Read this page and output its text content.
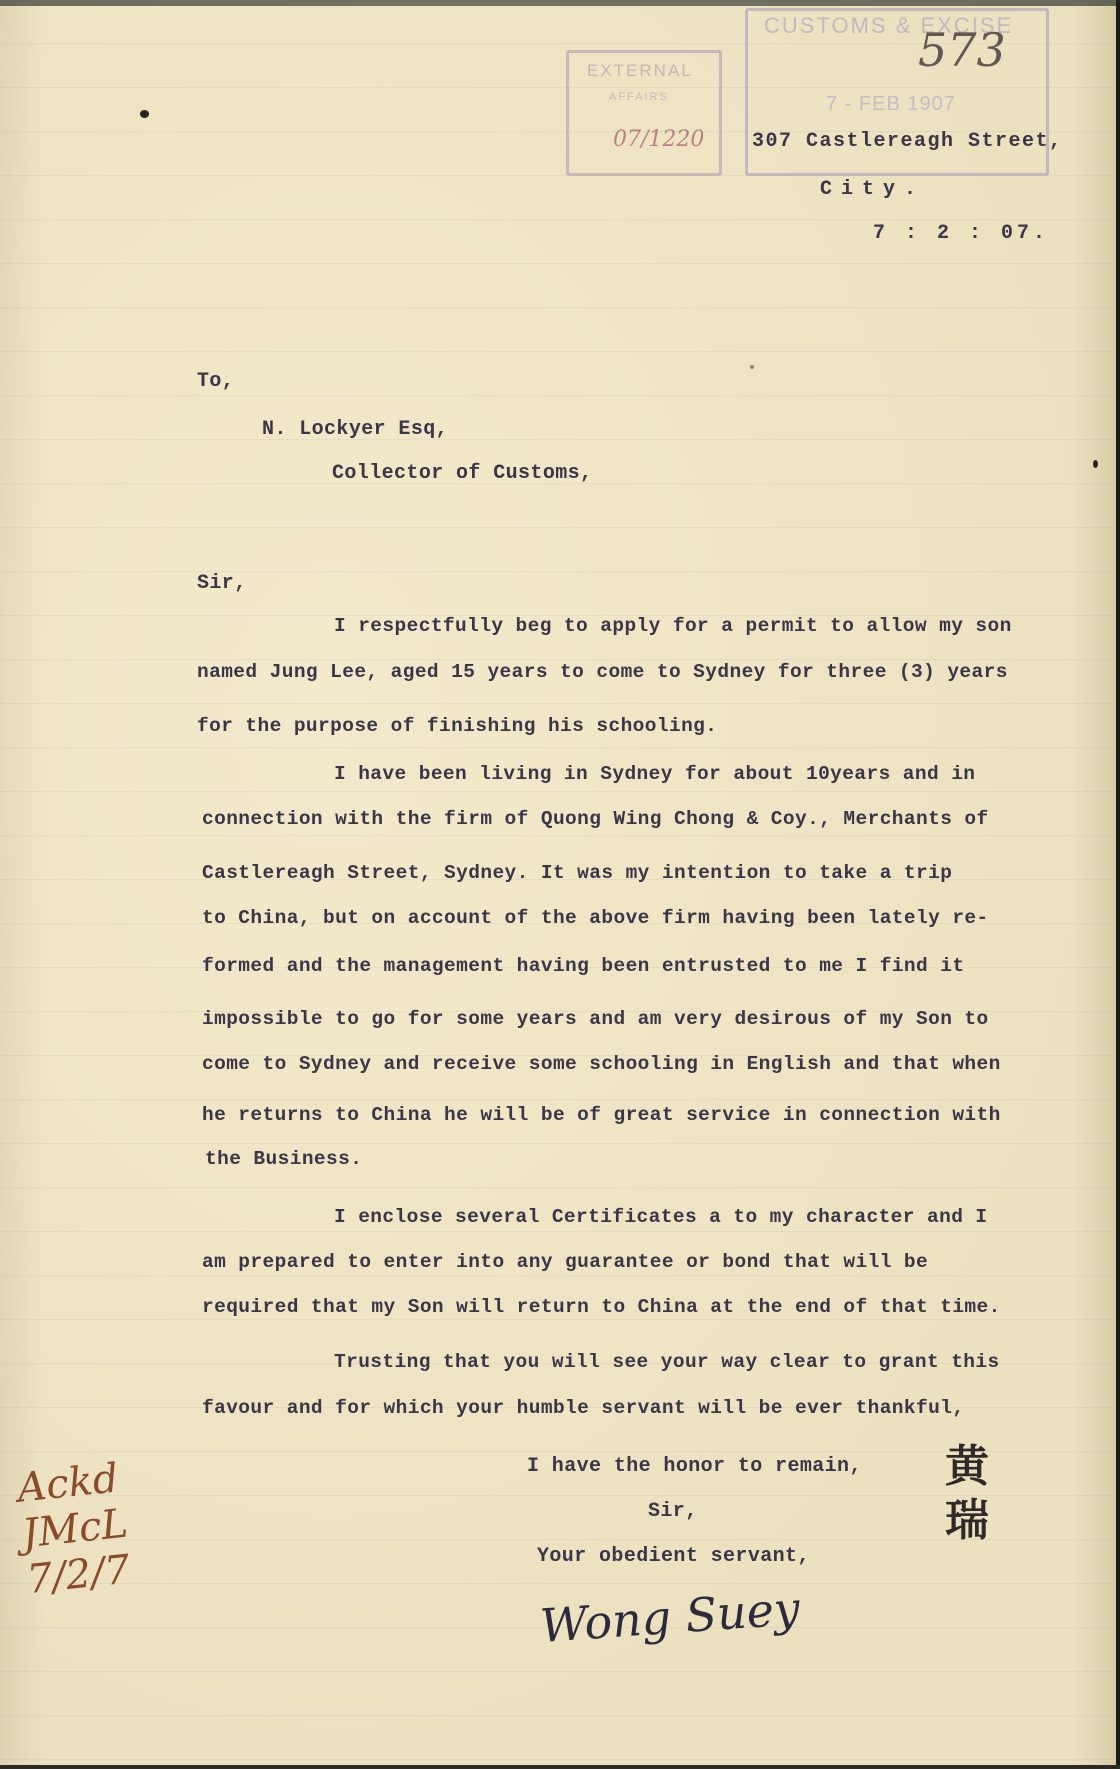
EXTERNAL
AFFAIRS
07/1220
CUSTOMS & EXCISE
573
7 - FEB 1907
307 Castlereagh Street,
City.
7 : 2 : 07.
To,
N. Lockyer Esq,
Collector of Customs,
Sir,
I respectfully beg to apply for a permit to allow my son
named Jung Lee, aged 15 years to come to Sydney for three (3) years
for the purpose of finishing his schooling.
I have been living in Sydney for about 10years and in
connection with the firm of Quong Wing Chong & Coy., Merchants of
Castlereagh Street, Sydney. It was my intention to take a trip
to China, but on account of the above firm having been lately re-
formed and the management having been entrusted to me I find it
impossible to go for some years and am very desirous of my Son to
come to Sydney and receive some schooling in English and that when
he returns to China he will be of great service in connection with
the Business.
I enclose several Certificates a to my character and I
am prepared to enter into any guarantee or bond that will be
required that my Son will return to China at the end of that time.
Trusting that you will see your way clear to grant this
favour and for which your humble servant will be ever thankful,
I have the honor to remain,
Sir,
Your obedient servant,
黄
瑞
Wong Suey
Ackd
JMcL
7/2/7
